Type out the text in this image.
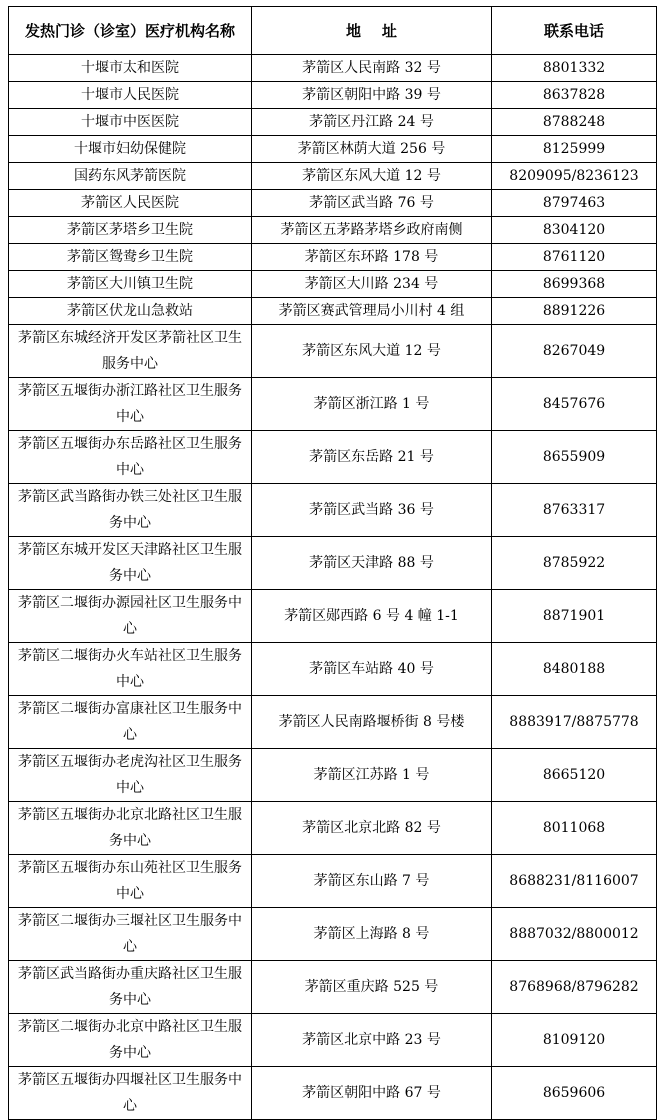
发热门诊（诊室）医疗机构名称	地    址	联系电话
十堰市太和医院	茅箭区人民南路 32 号	8801332
十堰市人民医院	茅箭区朝阳中路 39 号	8637828
十堰市中医医院	茅箭区丹江路 24 号	8788248
十堰市妇幼保健院	茅箭区林荫大道 256 号	8125999
国药东风茅箭医院	茅箭区东风大道 12 号	8209095/8236123
茅箭区人民医院	茅箭区武当路 76 号	8797463
茅箭区茅塔乡卫生院	茅箭区五茅路茅塔乡政府南侧	8304120
茅箭区鸳鸯乡卫生院	茅箭区东环路 178 号	8761120
茅箭区大川镇卫生院	茅箭区大川路 234 号	8699368
茅箭区伏龙山急救站	茅箭区赛武管理局小川村 4 组	8891226
茅箭区东城经济开发区茅箭社区卫生服务中心	茅箭区东风大道 12 号	8267049
茅箭区五堰街办浙江路社区卫生服务中心	茅箭区浙江路 1 号	8457676
茅箭区五堰街办东岳路社区卫生服务中心	茅箭区东岳路 21 号	8655909
茅箭区武当路街办铁三处社区卫生服务中心	茅箭区武当路 36 号	8763317
茅箭区东城开发区天津路社区卫生服务中心	茅箭区天津路 88 号	8785922
茅箭区二堰街办源园社区卫生服务中心	茅箭区郧西路 6 号 4 幢 1-1	8871901
茅箭区二堰街办火车站社区卫生服务中心	茅箭区车站路 40 号	8480188
茅箭区二堰街办富康社区卫生服务中心	茅箭区人民南路堰桥街 8 号楼	8883917/8875778
茅箭区五堰街办老虎沟社区卫生服务中心	茅箭区江苏路 1 号	8665120
茅箭区五堰街办北京北路社区卫生服务中心	茅箭区北京北路 82 号	8011068
茅箭区五堰街办东山苑社区卫生服务中心	茅箭区东山路 7 号	8688231/8116007
茅箭区二堰街办三堰社区卫生服务中心	茅箭区上海路 8 号	8887032/8800012
茅箭区武当路街办重庆路社区卫生服务中心	茅箭区重庆路 525 号	8768968/8796282
茅箭区二堰街办北京中路社区卫生服务中心	茅箭区北京中路 23 号	8109120
茅箭区五堰街办四堰社区卫生服务中心	茅箭区朝阳中路 67 号	8659606
